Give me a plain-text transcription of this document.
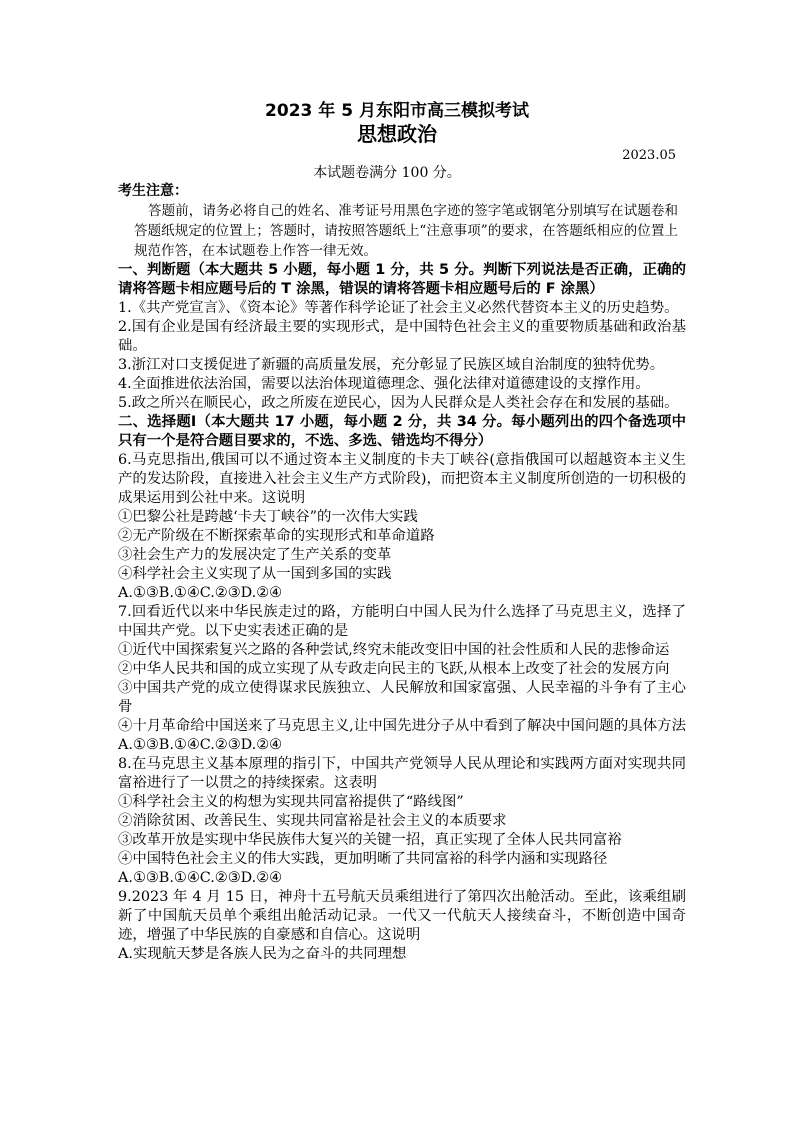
2023 年 5 月东阳市高三模拟考试

思想政治

2023.05

本试题卷满分 100 分。

考生注意：

答题前，请务必将自己的姓名、准考证号用黑色字迹的签字笔或钢笔分别填写在试题卷和答题纸规定的位置上；答题时，请按照答题纸上“注意事项”的要求，在答题纸相应的位置上规范作答，在本试题卷上作答一律无效。

一、判断题（本大题共 5 小题，每小题 1 分，共 5 分。判断下列说法是否正确，正确的请将答题卡相应题号后的 T 涂黑，错误的请将答题卡相应题号后的 F 涂黑）

1.《共产党宣言》、《资本论》等著作科学论证了社会主义必然代替资本主义的历史趋势。

2.国有企业是国有经济最主要的实现形式，是中国特色社会主义的重要物质基础和政治基础。

3.浙江对口支援促进了新疆的高质量发展，充分彰显了民族区域自治制度的独特优势。

4.全面推进依法治国，需要以法治体现道德理念、强化法律对道德建设的支撑作用。

5.政之所兴在顺民心，政之所废在逆民心，因为人民群众是人类社会存在和发展的基础。

二、选择题Ⅰ（本大题共 17 小题，每小题 2 分，共 34 分。每小题列出的四个备选项中只有一个是符合题目要求的，不选、多选、错选均不得分）

6.马克思指出,俄国可以不通过资本主义制度的卡夫丁峡谷(意指俄国可以超越资本主义生产的发达阶段，直接进入社会主义生产方式阶段)，而把资本主义制度所创造的一切积极的成果运用到公社中来。这说明

①巴黎公社是跨越‘卡夫丁峡谷”的一次伟大实践

②无产阶级在不断探索革命的实现形式和革命道路

③社会生产力的发展决定了生产关系的变革

④科学社会主义实现了从一国到多国的实践

A.①③B.①④C.②③D.②④

7.回看近代以来中华民族走过的路，方能明白中国人民为什么选择了马克思主义，选择了中国共产党。以下史实表述正确的是

①近代中国探索复兴之路的各种尝试,终究未能改变旧中国的社会性质和人民的悲惨命运

②中华人民共和国的成立实现了从专政走向民主的飞跃,从根本上改变了社会的发展方向

③中国共产党的成立使得谋求民族独立、人民解放和国家富强、人民幸福的斗争有了主心骨

④十月革命给中国送来了马克思主义,让中国先进分子从中看到了解决中国问题的具体方法 A.①③B.①④C.②③D.②④

8.在马克思主义基本原理的指引下，中国共产党领导人民从理论和实践两方面对实现共同富裕进行了一以贯之的持续探索。这表明

①科学社会主义的构想为实现共同富裕提供了“路线图”

②消除贫困、改善民生、实现共同富裕是社会主义的本质要求

③改革开放是实现中华民族伟大复兴的关键一招，真正实现了全体人民共同富裕

④中国特色社会主义的伟大实践，更加明晰了共同富裕的科学内涵和实现路径

A.①③B.①④C.②③D.②④

9.2023 年 4 月 15 日，神舟十五号航天员乘组进行了第四次出舱活动。至此，该乘组刷新了中国航天员单个乘组出舱活动记录。一代又一代航天人接续奋斗，不断创造中国奇迹，增强了中华民族的自豪感和自信心。这说明

A.实现航天梦是各族人民为之奋斗的共同理想
